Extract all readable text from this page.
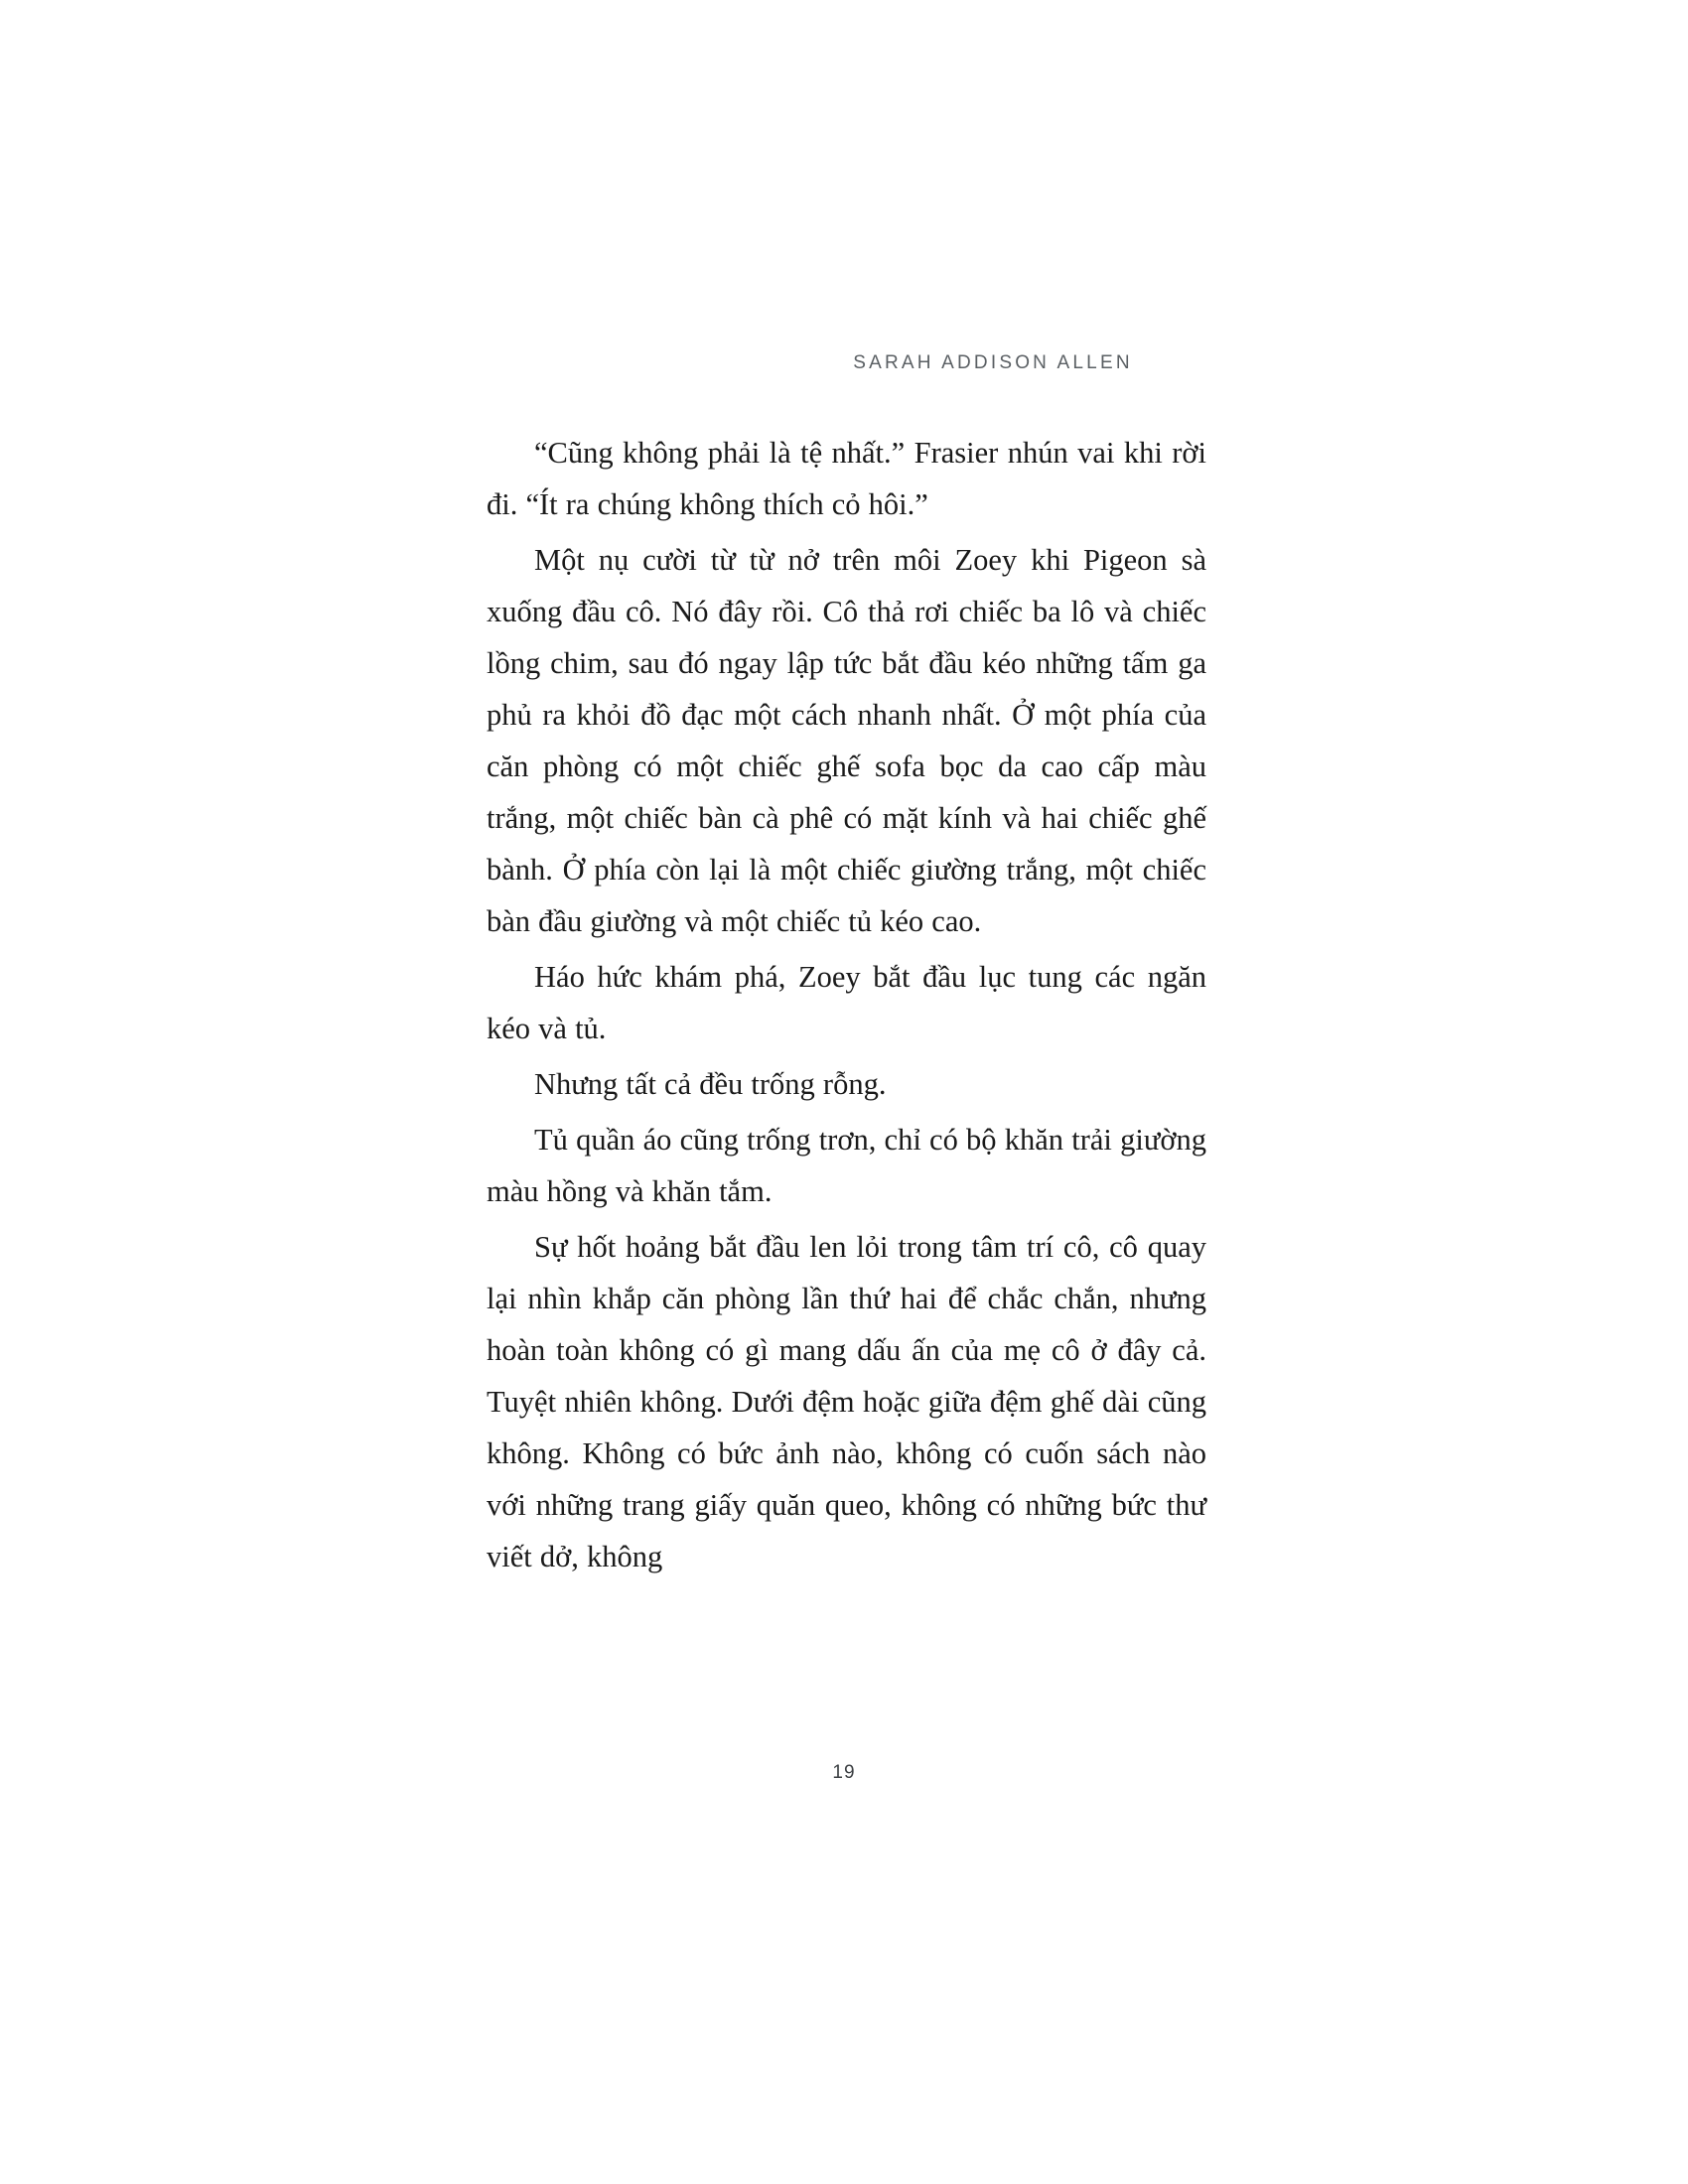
SARAH ADDISON ALLEN

“Cũng không phải là tệ nhất.” Frasier nhún vai khi rời đi. “Ít ra chúng không thích cỏ hôi.”

Một nụ cười từ từ nở trên môi Zoey khi Pigeon sà xuống đầu cô. Nó đây rồi. Cô thả rơi chiếc ba lô và chiếc lồng chim, sau đó ngay lập tức bắt đầu kéo những tấm ga phủ ra khỏi đồ đạc một cách nhanh nhất. Ở một phía của căn phòng có một chiếc ghế sofa bọc da cao cấp màu trắng, một chiếc bàn cà phê có mặt kính và hai chiếc ghế bành. Ở phía còn lại là một chiếc giường trắng, một chiếc bàn đầu giường và một chiếc tủ kéo cao.

Háo hức khám phá, Zoey bắt đầu lục tung các ngăn kéo và tủ.

Nhưng tất cả đều trống rỗng.

Tủ quần áo cũng trống trơn, chỉ có bộ khăn trải giường màu hồng và khăn tắm.

Sự hốt hoảng bắt đầu len lỏi trong tâm trí cô, cô quay lại nhìn khắp căn phòng lần thứ hai để chắc chắn, nhưng hoàn toàn không có gì mang dấu ấn của mẹ cô ở đây cả. Tuyệt nhiên không. Dưới đệm hoặc giữa đệm ghế dài cũng không. Không có bức ảnh nào, không có cuốn sách nào với những trang giấy quăn queo, không có những bức thư viết dở, không

19
